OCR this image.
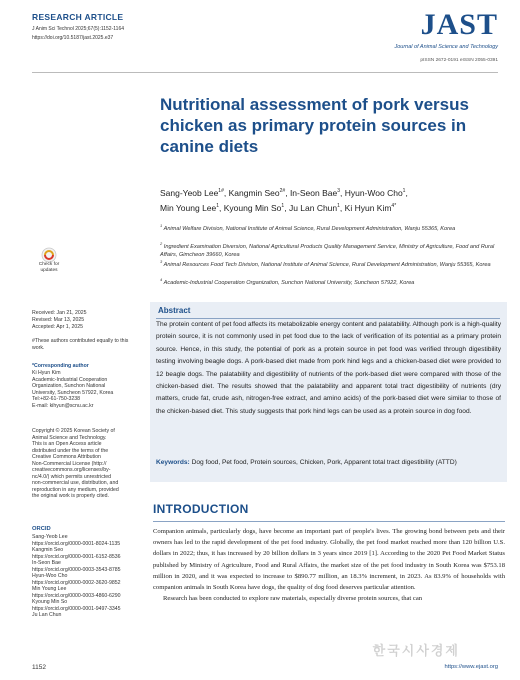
RESEARCH ARTICLE
J Anim Sci Technol 2025;67(5):1152-1164
https://doi.org/10.5187/jast.2025.e37	JAST
Journal of Animal Science and Technology
pISSN 2672-0191 eISSN 2055-0391
Nutritional assessment of pork versus chicken as primary protein sources in canine diets
Sang-Yeob Lee$^{1\#}$, Kangmin Seo$^{2\#}$, In-Seon Bae$^3$, Hyun-Woo Cho$^1$,
Min Young Lee$^1$, Kyoung Min So$^1$, Ju Lan Chun$^1$, Ki Hyun Kim$^{4*}$
$^1$ Animal Welfare Division, National Institute of Animal Science, Rural Development Administration, Wanju 55365, Korea
$^2$ Ingredient Examination Diversion, National Agricultural Products Quality Management Service, Ministry of Agriculture, Food and Rural Affairs, Gimcheon 39660, Korea
$^3$ Animal Resources Food Tech Division, National Institute of Animal Science, Rural Development Administration, Wanju 55365, Korea
$^4$ Academic-Industrial Cooperation Organization, Sunchon National University, Suncheon 57922, Korea
Check for updates
Received: Jan 21, 2025
Revised: Mar 13, 2025
Accepted: Apr 1, 2025
#These authors contributed equally to this work.
*Corresponding author
Ki Hyun Kim
Academic-Industrial Cooperation
Organization, Sunchon National
University, Suncheon 57922, Korea
Tel:+82-61-750-3238
E-mail: kihyun@scnu.ac.kr
Copyright © 2025 Korean Society of
Animal Science and Technology.
This is an Open Access article
distributed under the terms of the
Creative Commons Attribution
Non-Commercial License (http://
creativecommons.org/licenses/by-
nc/4.0/) which permits unrestricted
non-commercial use, distribution, and
reproduction in any medium, provided
the original work is properly cited.
ORCID
Sang-Yeob Lee
https://orcid.org/0000-0001-8024-1135
Kangmin Seo
https://orcid.org/0000-0001-6152-8536
In-Seon Bae
https://orcid.org/0000-0003-3543-8785
Hyun-Woo Cho
https://orcid.org/0000-0002-3620-9852
Min Young Lee
https://orcid.org/0000-0003-4860-6290
Kyoung Min So
https://orcid.org/0000-0001-9497-3345
Ju Lan Chun
Abstract
The protein content of pet food affects its metabolizable energy content and palatability. Although pork is a high-quality protein source, it is not commonly used in pet food due to the lack of verification of its potential as a primary protein source. Hence, in this study, the potential of pork as a protein source in pet food was verified through digestibility testing involving beagle dogs. A pork-based diet made from pork hind legs and a chicken-based diet were provided to 12 beagle dogs. The palatability and digestibility of nutrients of the pork-based diet were compared with those of the chicken-based diet. The results showed that the palatability and apparent total tract digestibility of nutrients (dry matters, crude fat, crude ash, nitrogen-free extract, and amino acids) of the pork-based diet were similar to those of the chicken-based diet. This study suggests that pork hind legs can be used as a protein source in dog food.
Keywords: Dog food, Pet food, Protein sources, Chicken, Pork, Apparent total tract digestibility (ATTD)
INTRODUCTION

Companion animals, particularly dogs, have become an important part of people's lives. The growing bond between pets and their owners has led to the rapid development of the pet food industry. Globally, the pet food market reached more than 120 billion U.S. dollars in 2022; thus, it has increased by 20 billion dollars in 3 years since 2019 [1]. According to the 2020 Pet Food Market Status published by Ministry of Agriculture, Food and Rural Affairs, the market size of the pet food industry in South Korea was $753.18 million in 2020, and it was expected to increase to $890.77 million, an 18.3% increment, in 2023. As 83.9% of households with companion animals in South Korea have dogs, the quality of dog food deserves particular attention.

Research has been conducted to explore raw materials, especially diverse protein sources, that can

한국시사경제
1152	https://www.ejast.org
